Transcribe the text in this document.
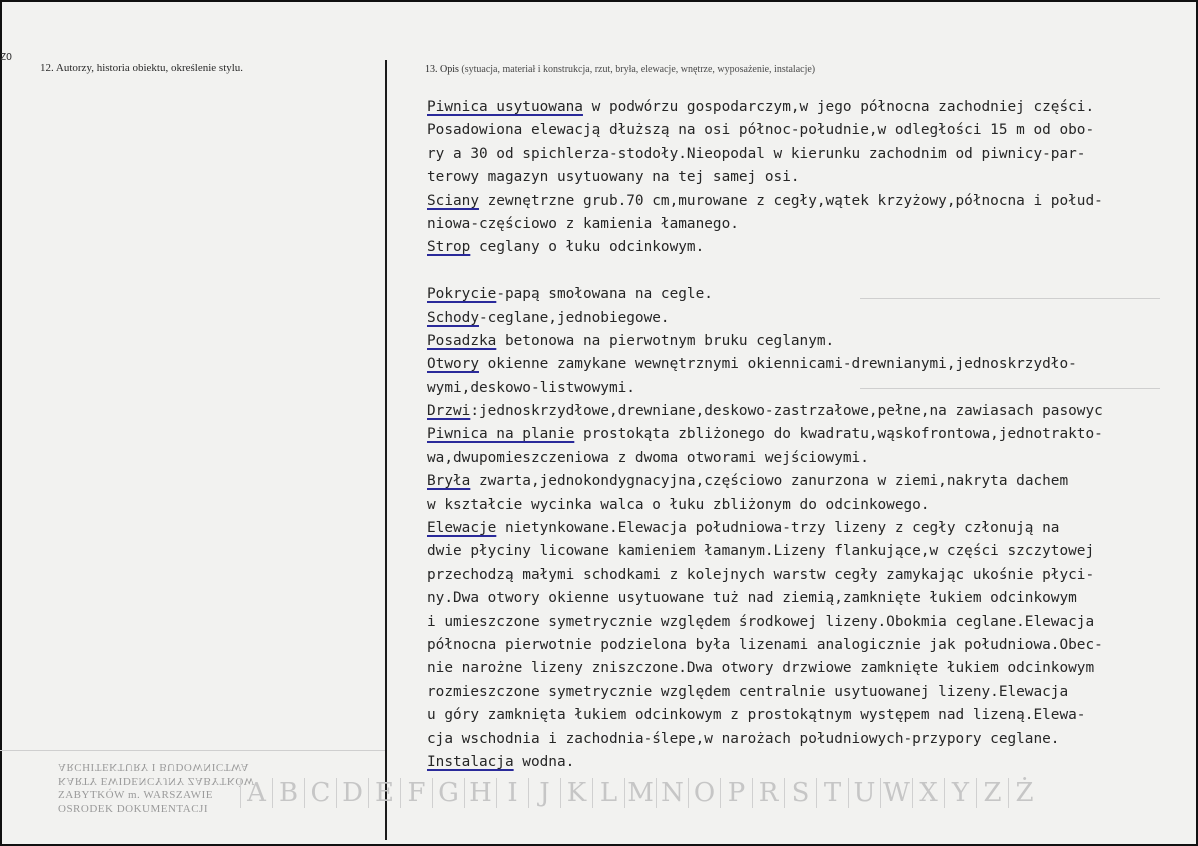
ZO
12. Autorzy, historia obiektu, określenie stylu.	13. Opis (sytuacja, materiał i konstrukcja, rzut, bryła, elewacje, wnętrze, wyposażenie, instalacje)
ARCHITEKTURY I BUDOWNICTWA
KARTY EWIDENCYJNY ZABYTKÓW
ZABYTKÓW m. WARSZAWIE
OSRODEK DOKUMENTACJI
A B C D E F G H I J K L M N O P R S T U W X Y Z Ż
Piwnica usytuowana w podwórzu gospodarczym,w jego północna zachodniej części.
Posadowiona elewacją dłuższą na osi północ-południe,w odległości 15 m od obo-
ry a 30 od spichlerza-stodoły.Nieopodal w kierunku zachodnim od piwnicy-par-
terowy magazyn usytuowany na tej samej osi.
Sciany zewnętrzne grub.70 cm,murowane z cegły,wątek krzyżowy,północna i połud-
niowa-częściowo z kamienia łamanego.
Strop ceglany o łuku odcinkowym.
Pokrycie-papą smołowana na cegle.
Schody-ceglane,jednobiegowe.
Posadzka betonowa na pierwotnym bruku ceglanym.
Otwory okienne zamykane wewnętrznymi okiennicami-drewnianymi,jednoskrzydło-
wymi,deskowo-listwowymi.
Drzwi:jednoskrzydłowe,drewniane,deskowo-zastrzałowe,pełne,na zawiasach pasowyc
Piwnica na planie prostokąta zbliżonego do kwadratu,wąskofrontowa,jednotrakto-
wa,dwupomieszczeniowa z dwoma otworami wejściowymi.
Bryła zwarta,jednokondygnacyjna,częściowo zanurzona w ziemi,nakryta dachem
w kształcie wycinka walca o łuku zbliżonym do odcinkowego.
Elewacje nietynkowane.Elewacja południowa-trzy lizeny z cegły członują na
dwie płyciny licowane kamieniem łamanym.Lizeny flankujące,w części szczytowej
przechodzą małymi schodkami z kolejnych warstw cegły zamykając ukośnie płyci-
ny.Dwa otwory okienne usytuowane tuż nad ziemią,zamknięte łukiem odcinkowym
i umieszczone symetrycznie względem środkowej lizeny.Obokmia ceglane.Elewacja
północna pierwotnie podzielona była lizenami analogicznie jak południowa.Obec-
nie narożne lizeny zniszczone.Dwa otwory drzwiowe zamknięte łukiem odcinkowym
rozmieszczone symetrycznie względem centralnie usytuowanej lizeny.Elewacja
u góry zamknięta łukiem odcinkowym z prostokątnym występem nad lizeną.Elewa-
cja wschodnia i zachodnia-ślepe,w narożach południowych-przypory ceglane.
Instalacja wodna.
